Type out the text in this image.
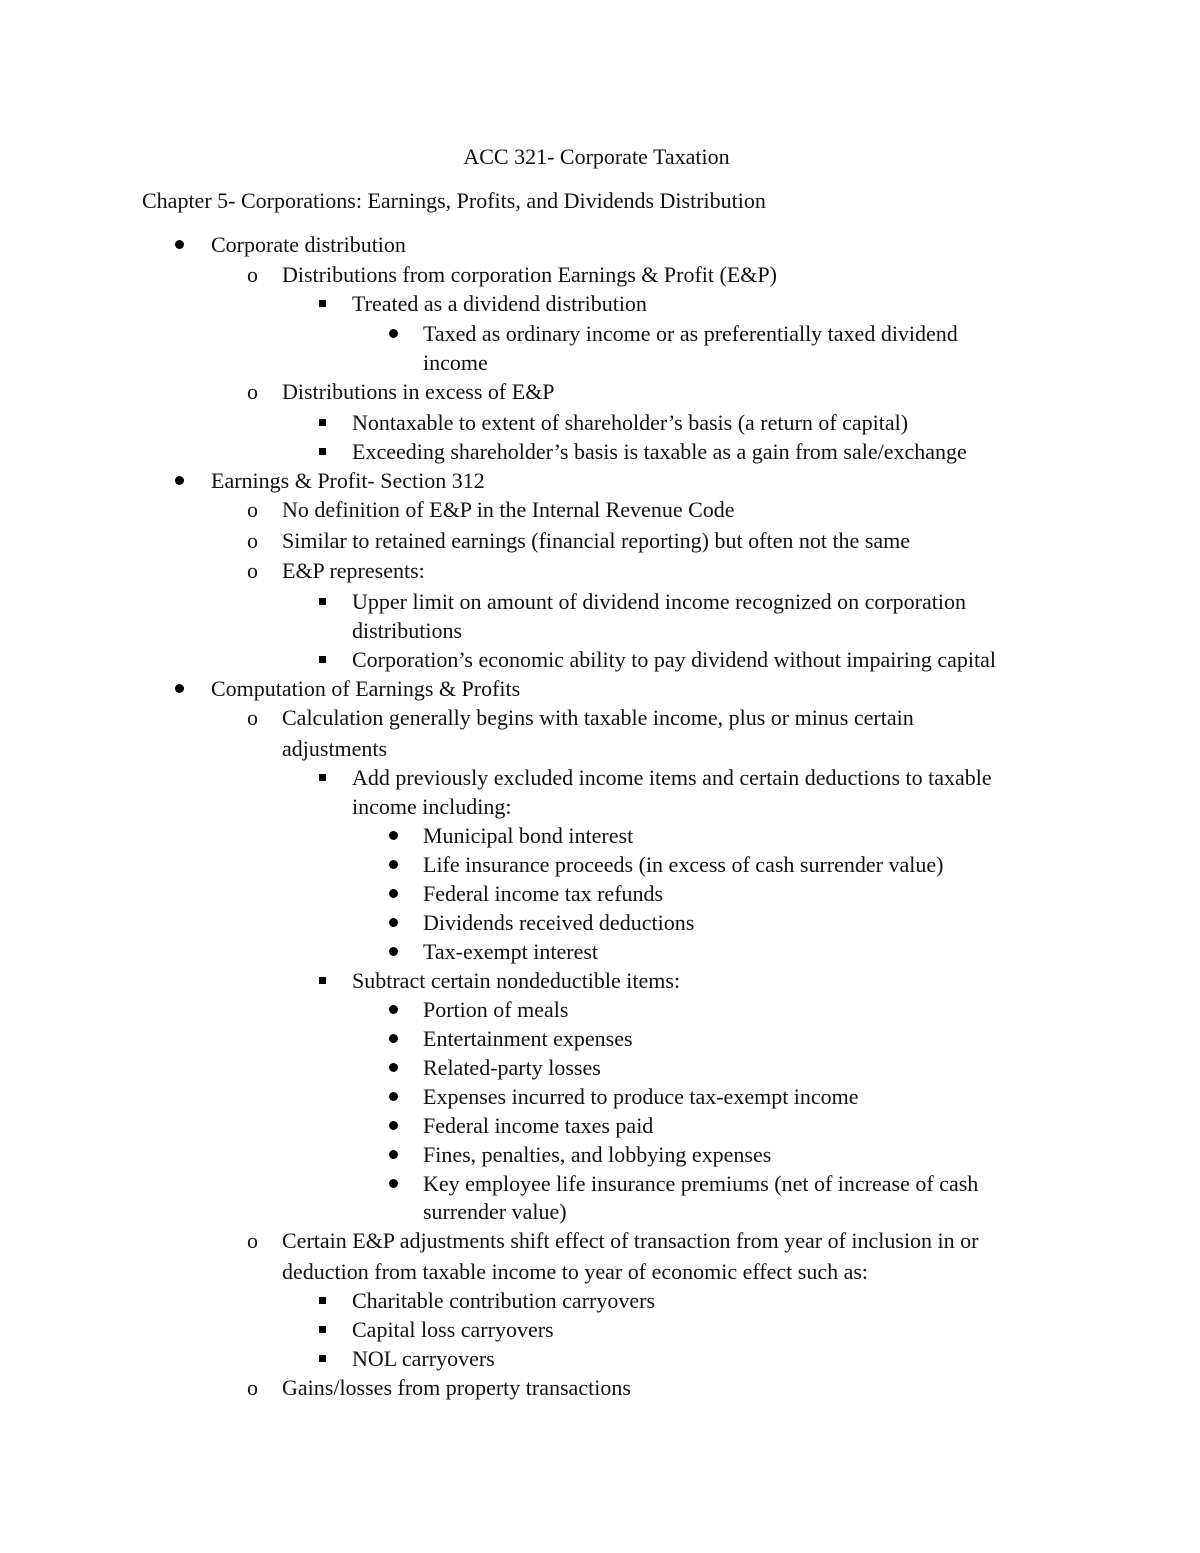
ACC 321- Corporate Taxation
Chapter 5- Corporations: Earnings, Profits, and Dividends Distribution
Corporate distribution
o Distributions from corporation Earnings & Profit (E&P)
Treated as a dividend distribution
Taxed as ordinary income or as preferentially taxed dividend
income
o Distributions in excess of E&P
Nontaxable to extent of shareholder’s basis (a return of capital)
Exceeding shareholder’s basis is taxable as a gain from sale/exchange
Earnings & Profit- Section 312
o No definition of E&P in the Internal Revenue Code
o Similar to retained earnings (financial reporting) but often not the same
o E&P represents:
Upper limit on amount of dividend income recognized on corporation
distributions
Corporation’s economic ability to pay dividend without impairing capital
Computation of Earnings & Profits
o Calculation generally begins with taxable income, plus or minus certain
adjustments
Add previously excluded income items and certain deductions to taxable
income including:
Municipal bond interest
Life insurance proceeds (in excess of cash surrender value)
Federal income tax refunds
Dividends received deductions
Tax-exempt interest
Subtract certain nondeductible items:
Portion of meals
Entertainment expenses
Related-party losses
Expenses incurred to produce tax-exempt income
Federal income taxes paid
Fines, penalties, and lobbying expenses
Key employee life insurance premiums (net of increase of cash
surrender value)
o Certain E&P adjustments shift effect of transaction from year of inclusion in or
deduction from taxable income to year of economic effect such as:
Charitable contribution carryovers
Capital loss carryovers
NOL carryovers
o Gains/losses from property transactions
